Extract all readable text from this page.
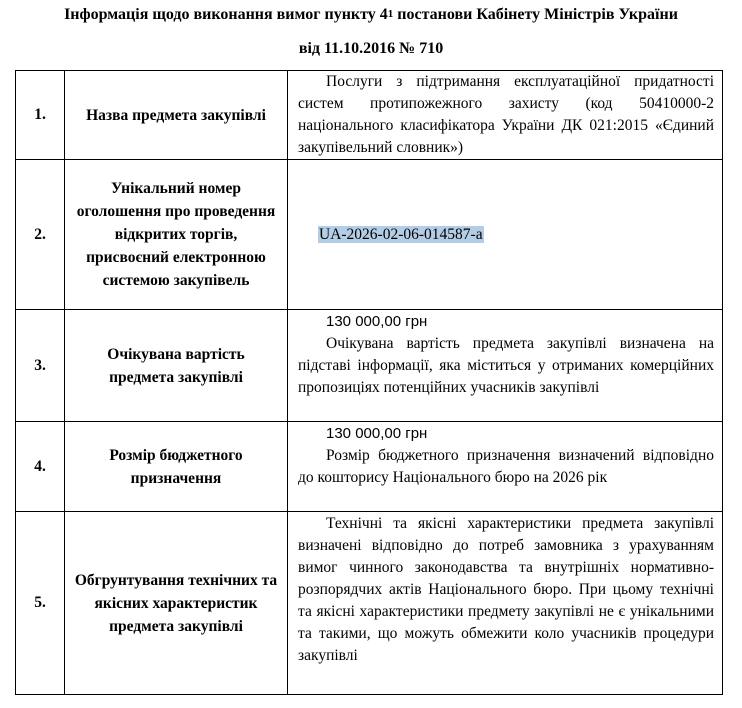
Інформація щодо виконання вимог пункту $4^1$ постанови Кабінету Міністрів України
від 11.10.2016 № 710
1.	Назва предмета закупівлі	Послуги з підтримання експлуатаційної придатності систем протипожежного захисту (код 50410000-2 національного класифікатора України ДК 021:2015 «Єдиний закупівельний словник»)

2.	Унікальний номер оголошення про проведення відкритих торгів, присвоєний електронною системою закупівель	UA-2026-02-06-014587-a

3.	Очікувана вартість предмета закупівлі	130 000,00 грн

Очікувана вартість предмета закупівлі визначена на підставі інформації, яка міститься у отриманих комерційних пропозиціях потенційних учасників закупівлі

4.	Розмір бюджетного призначення	130 000,00 грн

Розмір бюджетного призначення визначений відповідно до кошторису Національного бюро на 2026 рік

5.	Обгрунтування технічних та якісних характеристик предмета закупівлі	Технічні та якісні характеристики предмета закупівлі визначені відповідно до потреб замовника з урахуванням вимог чинного законодавства та внутрішніх нормативно-розпорядчих актів Національного бюро. При цьому технічні та якісні характеристики предмету закупівлі не є унікальними та такими, що можуть обмежити коло учасників процедури закупівлі
